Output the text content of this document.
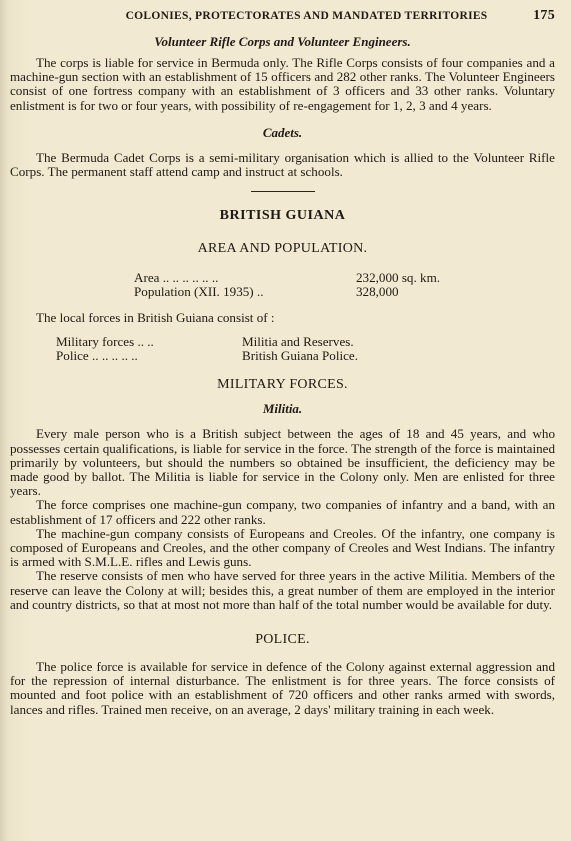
COLONIES, PROTECTORATES AND MANDATED TERRITORIES	175
Volunteer Rifle Corps and Volunteer Engineers.

The corps is liable for service in Bermuda only. The Rifle Corps consists of four companies and a machine-gun section with an establishment of 15 officers and 282 other ranks. The Volunteer Engineers consist of one fortress company with an establishment of 3 officers and 33 other ranks. Voluntary enlistment is for two or four years, with possibility of re-engagement for 1, 2, 3 and 4 years.

Cadets.

The Bermuda Cadet Corps is a semi-military organisation which is allied to the Volunteer Rifle Corps. The permanent staff attend camp and instruct at schools.

BRITISH GUIANA
AREA AND POPULATION.
Area .. .. .. .. .. ..	232,000 sq. km.
Population (XII. 1935) ..	328,000

The local forces in British Guiana consist of :

Military forces .. ..	Militia and Reserves.
Police .. .. .. .. ..	British Guiana Police.
MILITARY FORCES.
Militia.

Every male person who is a British subject between the ages of 18 and 45 years, and who possesses certain qualifications, is liable for service in the force. The strength of the force is maintained primarily by volunteers, but should the numbers so obtained be insufficient, the deficiency may be made good by ballot. The Militia is liable for service in the Colony only. Men are enlisted for three years.

The force comprises one machine-gun company, two companies of infantry and a band, with an establishment of 17 officers and 222 other ranks.

The machine-gun company consists of Europeans and Creoles. Of the infantry, one company is composed of Europeans and Creoles, and the other company of Creoles and West Indians. The infantry is armed with S.M.L.E. rifles and Lewis guns.

The reserve consists of men who have served for three years in the active Militia. Members of the reserve can leave the Colony at will; besides this, a great number of them are employed in the interior and country districts, so that at most not more than half of the total number would be available for duty.

POLICE.

The police force is available for service in defence of the Colony against external aggression and for the repression of internal disturbance. The enlistment is for three years. The force consists of mounted and foot police with an establishment of 720 officers and other ranks armed with swords, lances and rifles. Trained men receive, on an average, 2 days' military training in each week.
